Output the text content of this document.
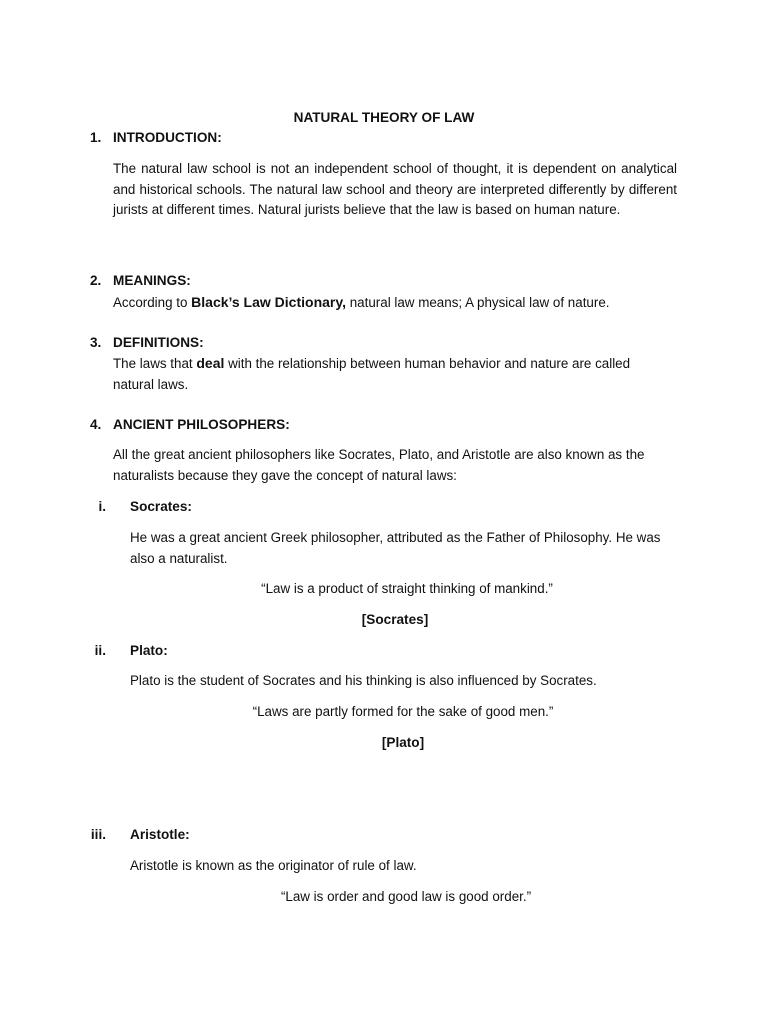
NATURAL THEORY OF LAW

1. INTRODUCTION:

The natural law school is not an independent school of thought, it is dependent on analytical and historical schools. The natural law school and theory are interpreted differently by different jurists at different times. Natural jurists believe that the law is based on human nature.

2. MEANINGS:

According to Black’s Law Dictionary, natural law means; A physical law of nature.

3. DEFINITIONS:

The laws that deal with the relationship between human behavior and nature are called natural laws.

4. ANCIENT PHILOSOPHERS:

All the great ancient philosophers like Socrates, Plato, and Aristotle are also known as the naturalists because they gave the concept of natural laws:

i. Socrates:

He was a great ancient Greek philosopher, attributed as the Father of Philosophy. He was also a naturalist.

“Law is a product of straight thinking of mankind.”

[Socrates]

ii. Plato:

Plato is the student of Socrates and his thinking is also influenced by Socrates.

“Laws are partly formed for the sake of good men.”

[Plato]

iii. Aristotle:

Aristotle is known as the originator of rule of law.

“Law is order and good law is good order.”
